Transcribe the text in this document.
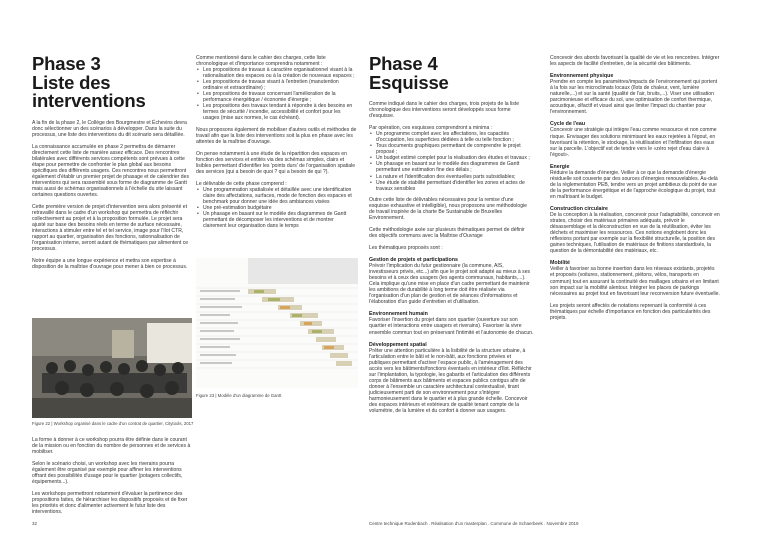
Phase 3
Liste des interventions

A la fin de la phase 2, le Collège des Bourgmestre et Échevins devra donc sélectionner un des scénarios à développer. Dans la suite du processus, une liste des interventions du dit scénario sera détaillée.

La connaissance accumulée en phase 2 permettra de démarrer directement cette liste de manière assez efficace. Des rencontres bilatérales avec différents services compétents sont prévues à cette étape pour permettre de confronter le plan global aux besoins spécifiques des différents usagers. Ces rencontres nous permettront également d'établir un premier projet de phasage et de calendrier des interventions qui sera rassemblé sous forme de diagramme de Gantt mais aussi de schémas organisationnels à l'échelle du site laissant certaines questions ouvertes.

Cette première version de projet d'intervention sera alors présenté et retravaillé dans le cadre d'un workshop qui permettra de réfléchir collectivement au projet et à la proposition formulée. Le projet sera ajusté sur base des besoins réels en terme de surface nécessaire, interactions à stimuler entre tel et tel service, image pour l'Ilot CTR, rapport au quartier, organisation des fonctions, rationnalisation de l'organisation interne, seront autant de thématiques par alimentent ce processus.

Notre équipe a une longue expérience et mettra son expertise à disposition de la maîtrise d'ouvrage pour mener à bien ce processus.

Figure 22 | Workshop organisé dans le cadre d'un contrat de quartier, Citytools, 2017

La forme à donner à ce workshop pourra être définie dans le courant de la mission ou en fonction du nombre de personnes et de services à mobiliser.

Selon le scénario choisi, un workshop avec les riverains pourra également être organisé par exemple pour affiner les interventions offrant des possibilités d'usage pour le quartier (potagers collectifs, équipements...).

Les workshops permettront notamment d'évaluer la pertinence des propositions faites, de hiérarchiser les dispositifs proposés et de fixer les priorités et donc d'alimenter activement le futur liste des interventions.

Comme mentionné dans le cahier des charges, cette liste chronologique et d'importance comprendra notamment :

• Les propositions de travaux à caractère organisationnel visant à la rationalisation des espaces ou à la création de nouveaux espaces ;
• Les propositions de travaux visant à l'entretien (manutention ordinaire et extraordinaire) ;
• Les propositions de travaux concernant l'amélioration de la performance énergétique / économie d'énergie ;
• Les propositions des travaux tendant à répondre à des besoins en termes de sécurité / incendie, accessibilité et confort pour les usages (mise aux normes, le cas échéant).

Nous proposons également de mobiliser d'autres outils et méthodes de travail afin que la liste des interventions soit la plus en phase avec les attentes de la maîtrise d'ouvrage.

On pense notamment à une étude de la répartition des espaces en fonction des services et entités via des schémas simples, clairs et lisibles permettant d'identifier les 'points durs' de l'organisation spatiale des services (qui a besoin de quoi ? qui a besoin de qui ?).

Le délivrable de cette phase comprend :

• Une programmation spatialisée et détaillée avec une identification claire des affectations, surfaces, mode de fonction des espaces et benchmark pour donner une idée des ambiances visées
• Une pré-estimation budgétaire
• Un phasage en basant sur le modèle des diagrammes de Gantt permettant de décomposer les interventions et de montrer clairement leur organisation dans le temps
Figure 23 | Modèle d'un diagramme de Gantt
Phase 4
Esquisse

Comme indiqué dans le cahier des charges, trois projets de la liste chronologique des interventions seront développés sous forme d'esquisse.

Par opération, ces esquisses comprendront a minima :

• Un programme complet avec les affectations, les capacités d'occupation, les superficies dédiées à telle ou telle fonction ;
• Tous documents graphiques permettant de comprendre le projet proposé ;
• Un budget estimé complet pour la réalisation des études et travaux ;
• Un phasage en basant sur le modèle des diagrammes de Gantt permettant une estimation fine des délais ;
• La nature et l'identification des éventuelles parts subsidiables;
• Une étude de stabilité permettant d'identifier les zones et actes de travaux sensibles

Outre cette liste de délivrables nécessaires pour la remise d'une esquisse exhaustive et intelligible), nous proposons une méthodologie de travail inspirée de la charte Be Sustainable de Bruxelles Environnement.

Cette méthodologie axée sur plusieurs thématiques permet de définir des objectifs communs avec la Maîtrise d'Ouvrage

Les thématiques proposés sont :

Gestion de projets et participations

Prévoir l'implication du futur gestionnaire (la commune, AIS, investisseurs privés, etc...) afin que le projet soit adapté au mieux à ses besoins et à ceux des usagers (les agents communaux, habitants,...). Cela implique qu'une mise en place d'un cadre permettant de maintenir les ambitions de durabilité à long terme doit être réalisée via l'organisation d'un plan de gestion et de séances d'informations et l'élaboration d'un guide d'entretien et d'utilisation.

Environnement humain

Favoriser l'insertion du projet dans son quartier (ouverture sur son quartier et interactions entre usagers et riverains). Favoriser la vivre ensemble commun tout en préservant l'intimité et l'autonomie de chacun.

Développement spatial

Prêter une attention particulière à la lisibilité de la structure urbaine, à l'articulation entre le bâti et le non-bâti, aux fonctions privées et publiques permettant d'activer l'espace public, à l'aménagement des accès vers les bâtiments/fonctions éventuels en intérieur d'îlot. Réfléchir sur l'implantation, la typologie, les gabarits et l'articulation des différents corps de bâtiments aux bâtiments et espaces publics contigus afin de donner à l'ensemble un caractère architectural contextualisé, tirant judicieusement parti de son environnement pour s'intégrer harmonieusement dans le quartier et à plus grande échelle. Concevoir des espaces intérieurs et extérieurs de qualité tenant compte de la volumétrie, de la lumière et du confort à donner aux usagers.

Concevoir des abords favorisant la qualité de vie et les rencontres. Intégrer les aspects de facilité d'entretien, de la sécurité des bâtiments.

Environnement physique

Prendre en compte les paramètres/impacts de l'environnement qui portent à la fois sur les microclimats locaux (îlots de chaleur, vent, lumière naturelle,...) et sur la santé (qualité de l'air, bruits,...). Viser une utilisation parcimonieuse et efficace du sol, une optimisation de confort thermique, acoustique, olfactif et visuel ainsi que limiter l'impact du chantier pour l'environnement.

Cycle de l'eau

Concevoir une stratégie qui intègre l'eau comme ressource et non comme risque. Envisager des solutions minimisant les eaux rejetées à l'égout, en favorisant la rétention, le stockage, la réutilisation et l'infiltration des eaux sur la parcelle. L'objectif est de tendre vers le «zéro rejet d'eau claire à l'égout».

Energie

Réduire la demande d'énergie. Veiller à ce que la demande d'énergie résiduelle soit couverte par des sources d'énergies renouvelables. Au-delà de la réglementation PEB, tendre vers un projet ambitieux du point de vue de la performance énergétique et de l'approche écologique du projet, tout en maîtrisant le budget.

Construction circulaire

De la conception à la réalisation, concevoir pour l'adaptabilité, concevoir en strates, choisir des matériaux primaires adéquats, prévoir le désassemblage et la déconstruction en vue de la réutilisation, éviter les déchets et maximiser les ressources. Ces notions englobent donc les réflexions portant par exemple sur la flexibilité structurelle, la position des gaines techniques, l'utilisation de matériaux de finitions standardisés, la question de la démontabilité des matériaux, etc.

Mobilité

Veiller à favoriser sa bonne insertion dans les réseaux existants, projetés et proposés (voitures, stationnement, piétons, vélos, transports en commun) tout en assurant la continuité des maillages urbains et en limitant son impact sur la mobilité alentour. Intégrer les places de parkings nécessaires au projet tout en favorisant leur reconversion future éventuelle.

Les projets seront affectés de notations reprenant la conformité à ces thématiques par échelle d'importance en fonction des particularités des projets.

32	Centre technique Rodenbach . Réalisation d'un masterplan . Commune de Schaerbeek . Novembre 2019
